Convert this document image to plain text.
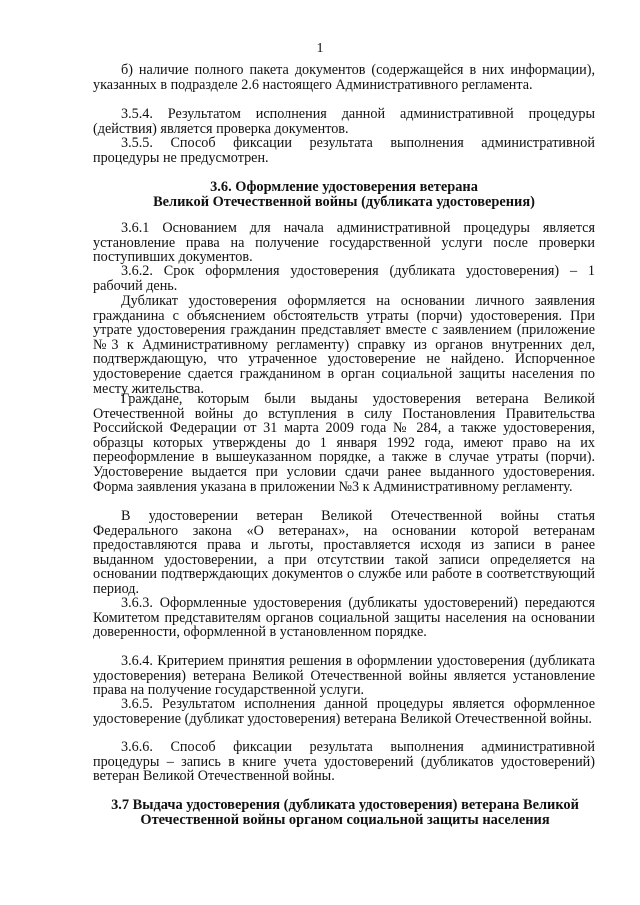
1

б) наличие полного пакета документов (содержащейся в них информации), указанных в подразделе 2.6 настоящего Административного регламента.

3.5.4. Результатом исполнения данной административной процедуры (действия) является проверка документов.

3.5.5. Способ фиксации результата выполнения административной процедуры не предусмотрен.

3.6. Оформление удостоверения ветерана

Великой Отечественной войны (дубликата удостоверения)

3.6.1 Основанием для начала административной процедуры является установление права на получение государственной услуги после проверки поступивших документов.

3.6.2. Срок оформления удостоверения (дубликата удостоверения) – 1 рабочий день.

Дубликат удостоверения оформляется на основании личного заявления гражданина с объяснением обстоятельств утраты (порчи) удостоверения. При утрате удостоверения гражданин представляет вместе с заявлением (приложение №3 к Административному регламенту) справку из органов внутренних дел, подтверждающую, что утраченное удостоверение не найдено. Испорченное удостоверение сдается гражданином в орган социальной защиты населения по месту жительства.

Граждане, которым были выданы удостоверения ветерана Великой Отечественной войны до вступления в силу Постановления Правительства Российской Федерации от 31 марта 2009 года № 284, а также удостоверения, образцы которых утверждены до 1 января 1992 года, имеют право на их переоформление в вышеуказанном порядке, а также в случае утраты (порчи). Удостоверение выдается при условии сдачи ранее выданного удостоверения. Форма заявления указана в приложении №3 к Административному регламенту.

В удостоверении ветеран Великой Отечественной войны статья Федерального закона «О ветеранах», на основании которой ветеранам предоставляются права и льготы, проставляется исходя из записи в ранее выданном удостоверении, а при отсутствии такой записи определяется на основании подтверждающих документов о службе или работе в соответствующий период.

3.6.3. Оформленные удостоверения (дубликаты удостоверений) передаются Комитетом представителям органов социальной защиты населения на основании доверенности, оформленной в установленном порядке.

3.6.4. Критерием принятия решения в оформлении удостоверения (дубликата удостоверения) ветерана Великой Отечественной войны является установление права на получение государственной услуги.

3.6.5. Результатом исполнения данной процедуры является оформленное удостоверение (дубликат удостоверения) ветерана Великой Отечественной войны.

3.6.6. Способ фиксации результата выполнения административной процедуры – запись в книге учета удостоверений (дубликатов удостоверений) ветеран Великой Отечественной войны.

3.7 Выдача удостоверения (дубликата удостоверения) ветерана Великой

Отечественной войны органом социальной защиты населения
